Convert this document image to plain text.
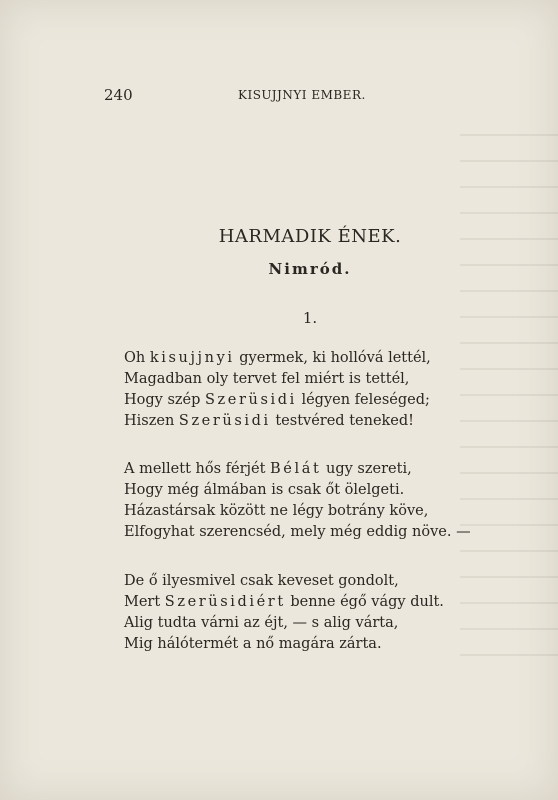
240	KISUJJNYI EMBER.
HARMADIK ÉNEK.
Nimród.
1.
Oh kisujjnyi gyermek, ki hollóvá lettél,
Magadban oly tervet fel miért is tettél,
Hogy szép Szerüsidi légyen feleséged;
Hiszen Szerüsidi testvéred teneked!
A mellett hős férjét Bélát ugy szereti,
Hogy még álmában is csak őt ölelgeti.
Házastársak között ne légy botrány köve,
Elfogyhat szerencséd, mely még eddig növe. —
De ő ilyesmivel csak keveset gondolt,
Mert Szerüsidiért benne égő vágy dult.
Alig tudta várni az éjt, — s alig várta,
Mig hálótermét a nő magára zárta.
